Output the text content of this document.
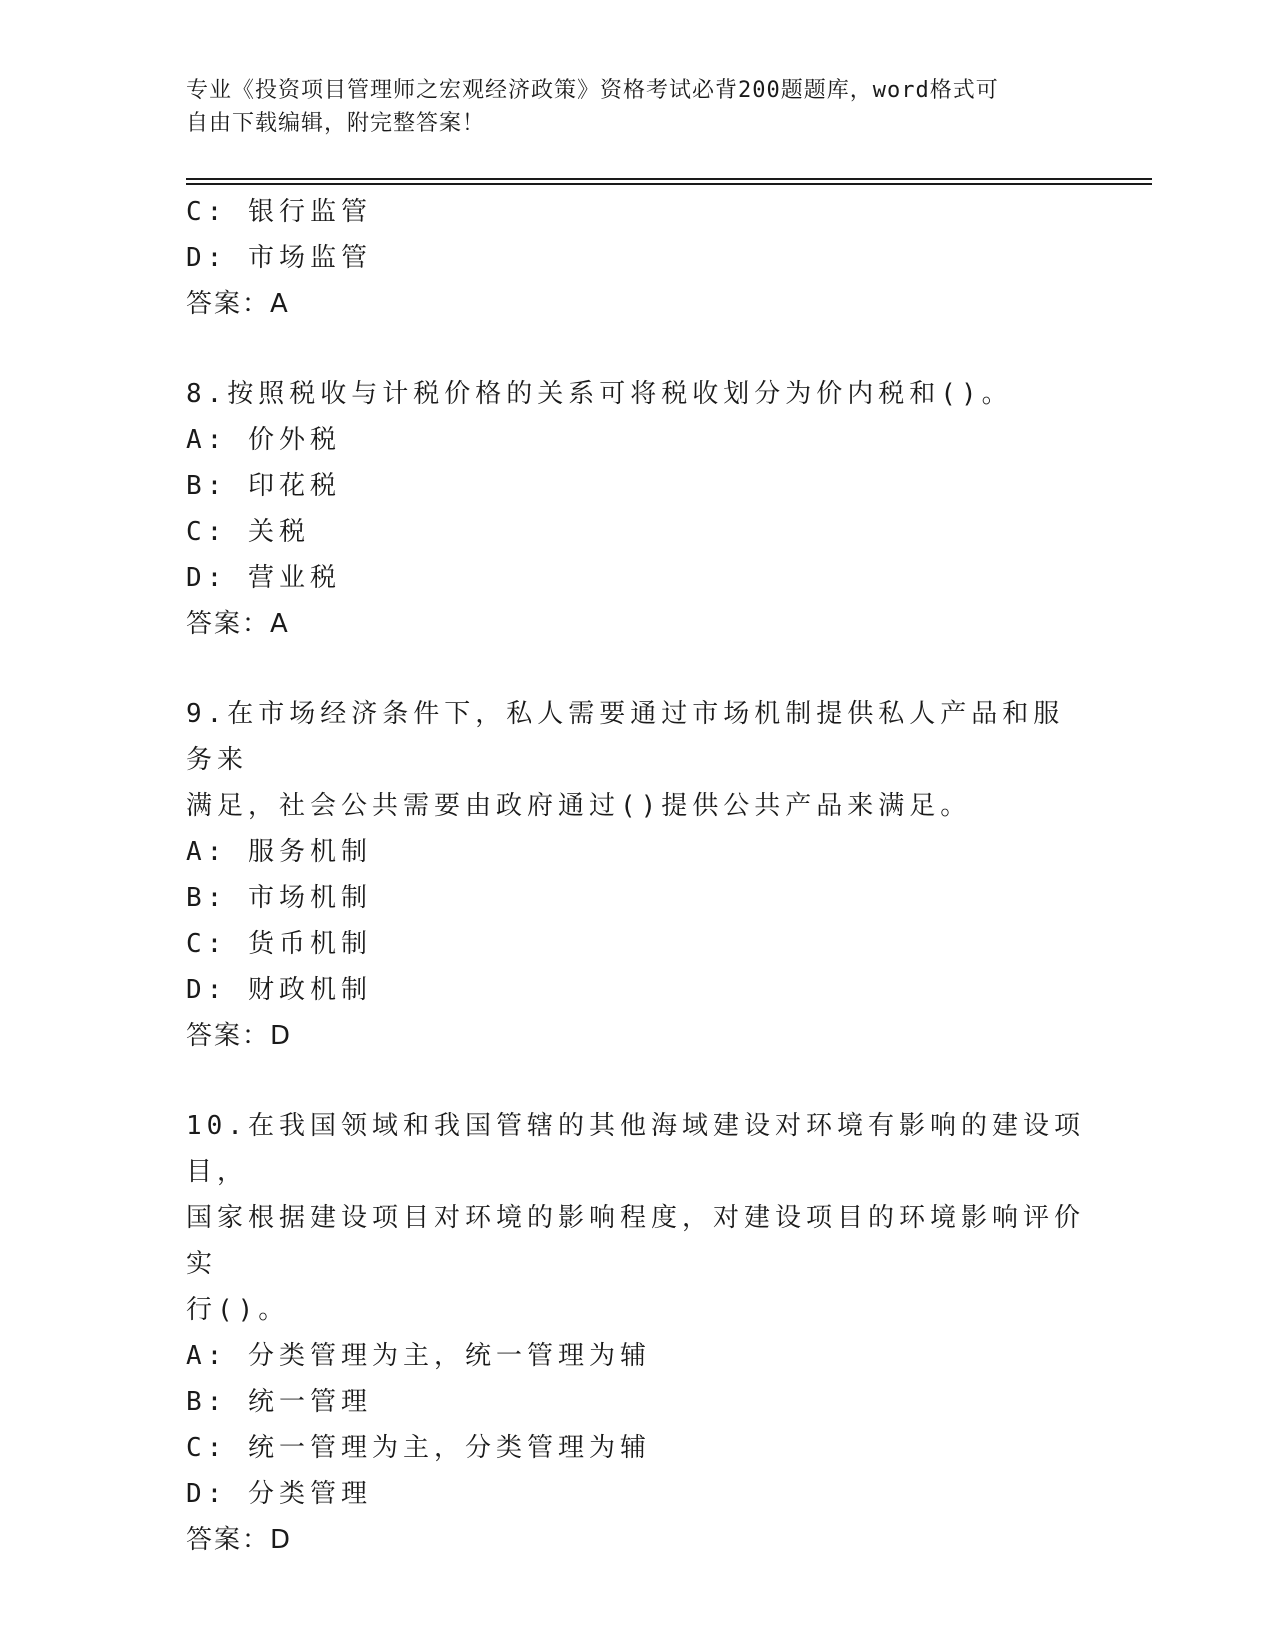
专业《投资项目管理师之宏观经济政策》资格考试必背200题题库，word格式可
自由下载编辑，附完整答案！
C: 银行监管
D: 市场监管
答案：A
8.按照税收与计税价格的关系可将税收划分为价内税和()。
A: 价外税
B: 印花税
C: 关税
D: 营业税
答案：A
9.在市场经济条件下，私人需要通过市场机制提供私人产品和服务来
满足，社会公共需要由政府通过()提供公共产品来满足。
A: 服务机制
B: 市场机制
C: 货币机制
D: 财政机制
答案：D
10.在我国领域和我国管辖的其他海域建设对环境有影响的建设项目，
国家根据建设项目对环境的影响程度，对建设项目的环境影响评价实
行()。
A: 分类管理为主，统一管理为辅
B: 统一管理
C: 统一管理为主，分类管理为辅
D: 分类管理
答案：D
